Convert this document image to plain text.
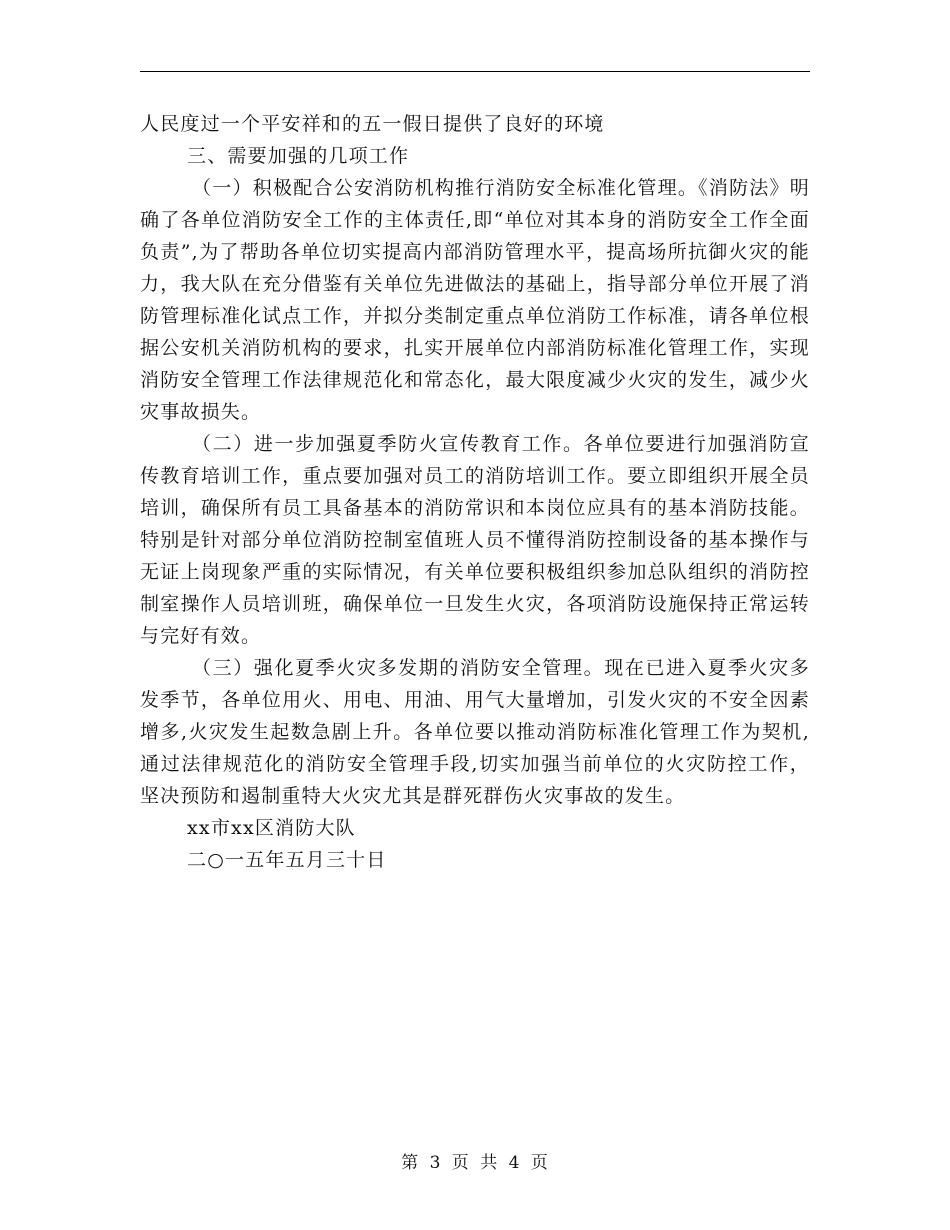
人民度过一个平安祥和的五一假日提供了良好的环境

三、需要加强的几项工作

（一）积极配合公安消防机构推行消防安全标准化管理。《消防法》明确了各单位消防安全工作的主体责任,即“单位对其本身的消防安全工作全面负责”,为了帮助各单位切实提高内部消防管理水平，提高场所抗御火灾的能力，我大队在充分借鉴有关单位先进做法的基础上，指导部分单位开展了消防管理标准化试点工作，并拟分类制定重点单位消防工作标准，请各单位根据公安机关消防机构的要求，扎实开展单位内部消防标准化管理工作，实现消防安全管理工作法律规范化和常态化，最大限度减少火灾的发生，减少火灾事故损失。

（二）进一步加强夏季防火宣传教育工作。各单位要进行加强消防宣传教育培训工作，重点要加强对员工的消防培训工作。要立即组织开展全员培训，确保所有员工具备基本的消防常识和本岗位应具有的基本消防技能。特别是针对部分单位消防控制室值班人员不懂得消防控制设备的基本操作与无证上岗现象严重的实际情况，有关单位要积极组织参加总队组织的消防控制室操作人员培训班，确保单位一旦发生火灾，各项消防设施保持正常运转与完好有效。

（三）强化夏季火灾多发期的消防安全管理。现在已进入夏季火灾多发季节，各单位用火、用电、用油、用气大量增加，引发火灾的不安全因素增多,火灾发生起数急剧上升。各单位要以推动消防标准化管理工作为契机,通过法律规范化的消防安全管理手段,切实加强当前单位的火灾防控工作，坚决预防和遏制重特大火灾尤其是群死群伤火灾事故的发生。

xx市xx区消防大队

二○一五年五月三十日

第 3 页 共 4 页
